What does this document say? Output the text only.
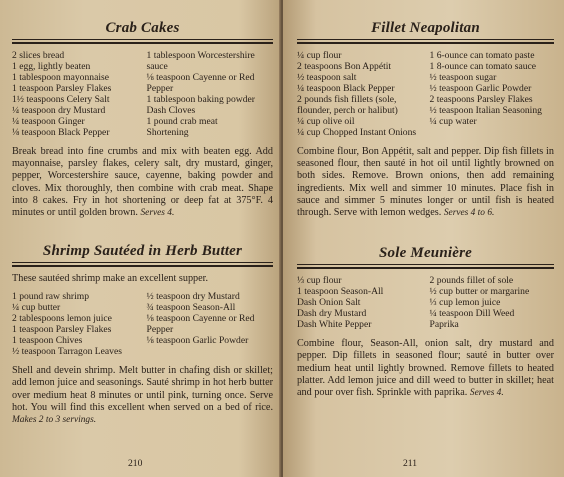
Crab Cakes
2 slices bread
1 egg, lightly beaten
1 tablespoon mayonnaise
1 teaspoon Parsley Flakes
1½ teaspoons Celery Salt
¼ teaspoon dry Mustard
¼ teaspoon Ginger
⅛ teaspoon Black Pepper
1 tablespoon Worcestershire sauce
⅛ teaspoon Cayenne or Red Pepper
1 tablespoon baking powder
Dash Cloves
1 pound crab meat
Shortening

Break bread into fine crumbs and mix with beaten egg. Add mayonnaise, parsley flakes, celery salt, dry mustard, ginger, pepper, Worcestershire sauce, cayenne, baking powder and cloves. Mix thoroughly, then combine with crab meat. Shape into 8 cakes. Fry in hot shortening or deep fat at 375°F. 4 minutes or until golden brown. Serves 4.

Shrimp Sautéed in Herb Butter

These sautéed shrimp make an excellent supper.

1 pound raw shrimp
¼ cup butter
2 tablespoons lemon juice
1 teaspoon Parsley Flakes
1 teaspoon Chives
½ teaspoon Tarragon Leaves
½ teaspoon dry Mustard
¾ teaspoon Season-All
⅛ teaspoon Cayenne or Red Pepper
⅛ teaspoon Garlic Powder

Shell and devein shrimp. Melt butter in chafing dish or skillet; add lemon juice and seasonings. Sauté shrimp in hot herb butter over medium heat 8 minutes or until pink, turning once. Serve hot. You will find this excellent when served on a bed of rice. Makes 2 to 3 servings.

210
Fillet Neapolitan
¼ cup flour
2 teaspoons Bon Appétit
½ teaspoon salt
¼ teaspoon Black Pepper
2 pounds fish fillets (sole, flounder, perch or halibut)
¼ cup olive oil
¼ cup Chopped Instant Onions
1 6-ounce can tomato paste
1 8-ounce can tomato sauce
½ teaspoon sugar
½ teaspoon Garlic Powder
2 teaspoons Parsley Flakes
½ teaspoon Italian Seasoning
¼ cup water

Combine flour, Bon Appétit, salt and pepper. Dip fish fillets in seasoned flour, then sauté in hot oil until lightly browned on both sides. Remove. Brown onions, then add remaining ingredients. Mix well and simmer 10 minutes. Place fish in sauce and simmer 5 minutes longer or until fish is heated through. Serve with lemon wedges. Serves 4 to 6.

Sole Meunière
⅓ cup flour
1 teaspoon Season-All
Dash Onion Salt
Dash dry Mustard
Dash White Pepper
2 pounds fillet of sole
½ cup butter or margarine
⅓ cup lemon juice
¼ teaspoon Dill Weed
Paprika

Combine flour, Season-All, onion salt, dry mustard and pepper. Dip fillets in seasoned flour; sauté in butter over medium heat until lightly browned. Remove fillets to heated platter. Add lemon juice and dill weed to butter in skillet; heat and pour over fish. Sprinkle with paprika. Serves 4.

211
